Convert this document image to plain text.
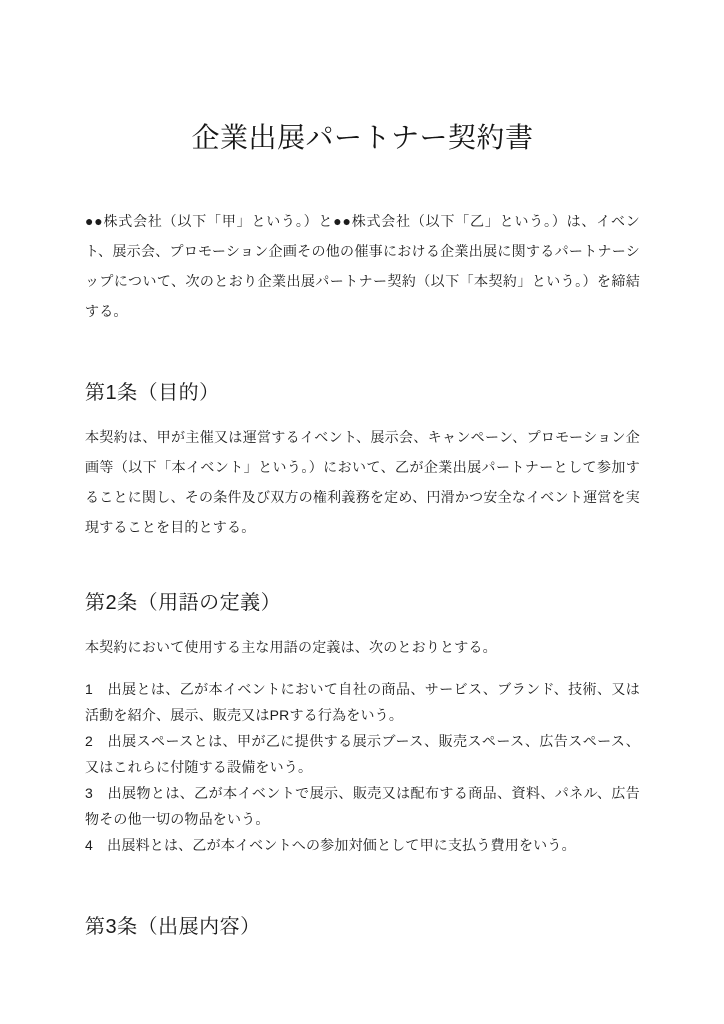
企業出展パートナー契約書

●●株式会社（以下「甲」という。）と●●株式会社（以下「乙」という。）は、イベント、展示会、プロモーション企画その他の催事における企業出展に関するパートナーシップについて、次のとおり企業出展パートナー契約（以下「本契約」という。）を締結する。

第1条（目的）

本契約は、甲が主催又は運営するイベント、展示会、キャンペーン、プロモーション企画等（以下「本イベント」という。）において、乙が企業出展パートナーとして参加することに関し、その条件及び双方の権利義務を定め、円滑かつ安全なイベント運営を実現することを目的とする。

第2条（用語の定義）

本契約において使用する主な用語の定義は、次のとおりとする。

1　出展とは、乙が本イベントにおいて自社の商品、サービス、ブランド、技術、又は活動を紹介、展示、販売又はPRする行為をいう。

2　出展スペースとは、甲が乙に提供する展示ブース、販売スペース、広告スペース、又はこれらに付随する設備をいう。

3　出展物とは、乙が本イベントで展示、販売又は配布する商品、資料、パネル、広告物その他一切の物品をいう。

4　出展料とは、乙が本イベントへの参加対価として甲に支払う費用をいう。

第3条（出展内容）
